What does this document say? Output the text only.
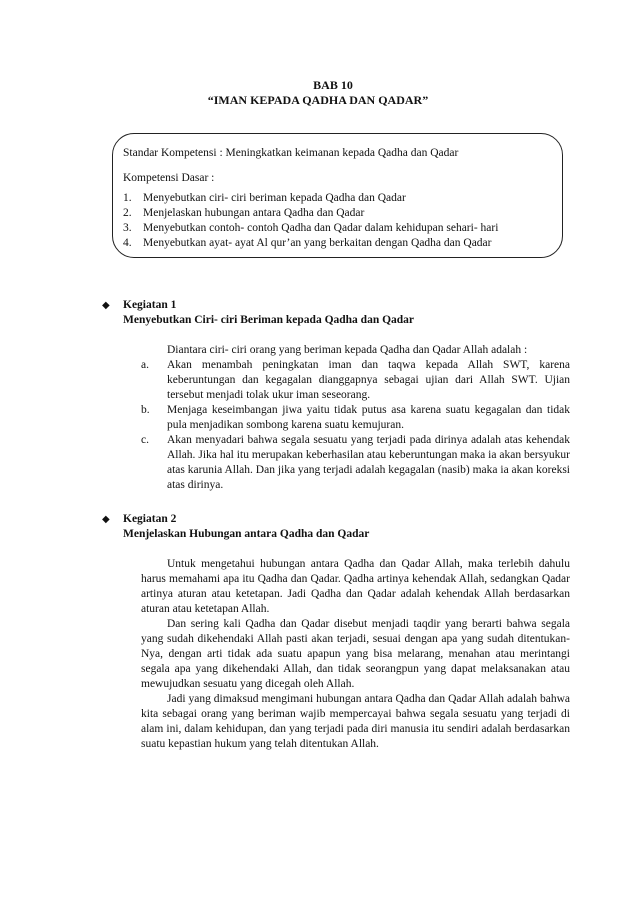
BAB 10
“IMAN KEPADA QADHA DAN QADAR”
Standar Kompetensi : Meningkatkan keimanan kepada Qadha dan Qadar
Kompetensi Dasar :
1. Menyebutkan ciri- ciri beriman kepada Qadha dan Qadar
2. Menjelaskan hubungan antara Qadha dan Qadar
3. Menyebutkan contoh- contoh Qadha dan Qadar dalam kehidupan sehari- hari
4. Menyebutkan ayat- ayat Al qur’an yang berkaitan dengan Qadha dan Qadar
◆ Kegiatan 1
Menyebutkan Ciri- ciri Beriman kepada Qadha dan Qadar
Diantara ciri- ciri orang yang beriman kepada Qadha dan Qadar Allah adalah :
a.	Akan menambah peningkatan iman dan taqwa kepada Allah SWT, karena keberuntungan dan kegagalan dianggapnya sebagai ujian dari Allah SWT. Ujian tersebut menjadi tolak ukur iman seseorang.
b.	Menjaga keseimbangan jiwa yaitu tidak putus asa karena suatu kegagalan dan tidak pula menjadikan sombong karena suatu kemujuran.
c.	Akan menyadari bahwa segala sesuatu yang terjadi pada dirinya adalah atas kehendak Allah. Jika hal itu merupakan keberhasilan atau keberuntungan maka ia akan bersyukur atas karunia Allah. Dan jika yang terjadi adalah kegagalan (nasib) maka ia akan koreksi atas dirinya.
◆ Kegiatan 2
Menjelaskan Hubungan antara Qadha dan Qadar

Untuk mengetahui hubungan antara Qadha dan Qadar Allah, maka terlebih dahulu harus memahami apa itu Qadha dan Qadar. Qadha artinya kehendak Allah, sedangkan Qadar artinya aturan atau ketetapan. Jadi Qadha dan Qadar adalah kehendak Allah berdasarkan aturan atau ketetapan Allah.

Dan sering kali Qadha dan Qadar disebut menjadi taqdir yang berarti bahwa segala yang sudah dikehendaki Allah pasti akan terjadi, sesuai dengan apa yang sudah ditentukan- Nya, dengan arti tidak ada suatu apapun yang bisa melarang, menahan atau merintangi segala apa yang dikehendaki Allah, dan tidak seorangpun yang dapat melaksanakan atau mewujudkan sesuatu yang dicegah oleh Allah.

Jadi yang dimaksud mengimani hubungan antara Qadha dan Qadar Allah adalah bahwa kita sebagai orang yang beriman wajib mempercayai bahwa segala sesuatu yang terjadi di alam ini, dalam kehidupan, dan yang terjadi pada diri manusia itu sendiri adalah berdasarkan suatu kepastian hukum yang telah ditentukan Allah.
